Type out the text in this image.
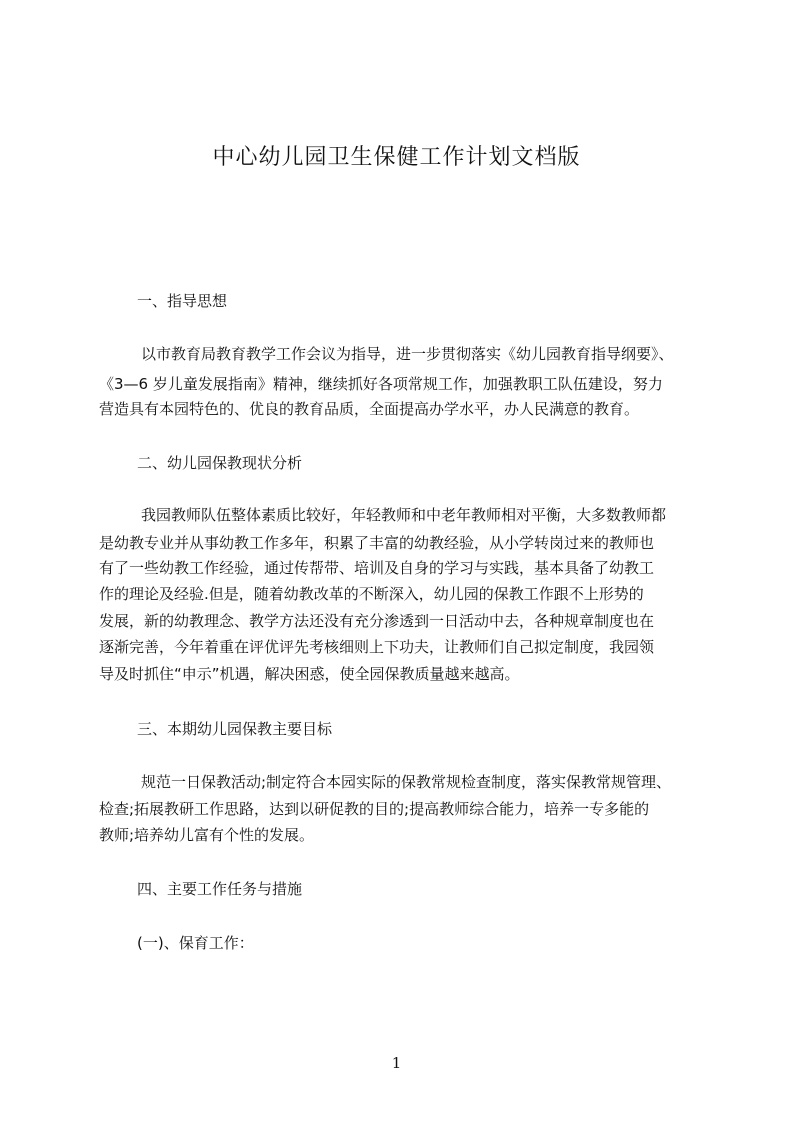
中心幼儿园卫生保健工作计划文档版
一、指导思想
以市教育局教育教学工作会议为指导，进一步贯彻落实《幼儿园教育指导纲要》、
《3—6 岁儿童发展指南》精神，继续抓好各项常规工作，加强教职工队伍建设，努力
营造具有本园特色的、优良的教育品质，全面提高办学水平，办人民满意的教育。
二、幼儿园保教现状分析
我园教师队伍整体素质比较好，年轻教师和中老年教师相对平衡，大多数教师都
是幼教专业并从事幼教工作多年，积累了丰富的幼教经验，从小学转岗过来的教师也
有了一些幼教工作经验，通过传帮带、培训及自身的学习与实践，基本具备了幼教工
作的理论及经验.但是，随着幼教改革的不断深入，幼儿园的保教工作跟不上形势的
发展，新的幼教理念、教学方法还没有充分渗透到一日活动中去，各种规章制度也在
逐渐完善，今年着重在评优评先考核细则上下功夫，让教师们自己拟定制度，我园领
导及时抓住“申示”机遇，解决困惑，使全园保教质量越来越高。
三、本期幼儿园保教主要目标
规范一日保教活动;制定符合本园实际的保教常规检查制度，落实保教常规管理、
检查;拓展教研工作思路，达到以研促教的目的;提高教师综合能力，培养一专多能的
教师;培养幼儿富有个性的发展。
四、主要工作任务与措施
(一)、保育工作：
1
